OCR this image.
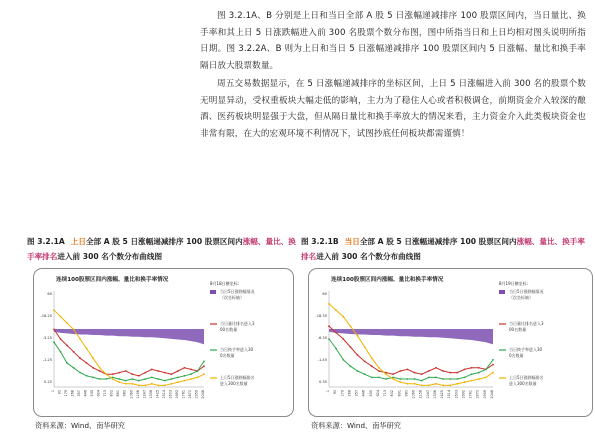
图 3.2.1A、B 分别是上日和当日全部 A 股 5 日涨幅递减排序 100 股票区间内，当日量比、换手率和其上日 5 日涨跌幅进入前 300 名股票个数分布图，图中所指当日和上日均相对图头说明所指日期。图 3.2.2A、B 则为上日和当日 5 日涨幅递减排序 100 股票区间内 5 日涨幅、量比和换手率隔日放大股票数量。

周五交易数据显示，在 5 日涨幅递减排序的坐标区间，上日 5 日涨幅进入前 300 名的股票个数无明显异动，受权重板块大幅走低的影响，主力为了稳住人心或者积极调仓，前期资金介入较深的酿酒、医药板块明显强于大盘，但从隔日量比和换手率放大的情况来看，主力资金介入此类板块资金也非常有限，在大的宏观环境不利情况下，试图抄底任何板块都需谨慎！

图 3.2.1A 上日全部 A 股 5 日涨幅递减排序 100 股票区间内涨幅、量比、换手率排名进入前 300 名个数分布曲线图
图 3.2.1B 当日全部 A 股 5 日涨幅递减排序 100 股票区间内涨幅、量比、换手率排名进入前 300 名个数分布曲线图
连续100股票区间内涨幅、量比和换手率情况
60
-16.25
-3.25
-1.25
0.25
1 90 179 268 357 446 535 624 713 802 891 980 1069 1158 1247 1336 1425 1514 1603 1692 1781 1870 1959 2048
8月18日横坐标:
当日5日涨跌幅情况
（次坐标轴）
当日量比排名进入3
00名数量
当日换手率进入30
0名数量
上日5日涨跌幅排名
进入300名数量
连续100股票区间内涨幅、量比和换手率情况
60
-18.35
-6.35
-1.45
0.35
1 90 179 268 357 446 535 624 713 802 891 980 1069 1158 1247 1336 1425 1514 1603 1692 1781 1870 1959 2048
8月19日横坐标:
当日5日涨跌幅情况
（次坐标轴）
当日量比排名进入3
00名数量
当日换手率进入30
0名数量
上日5日涨跌幅排名
进入300名数量
资料来源：Wind、南华研究	资料来源：Wind、南华研究
